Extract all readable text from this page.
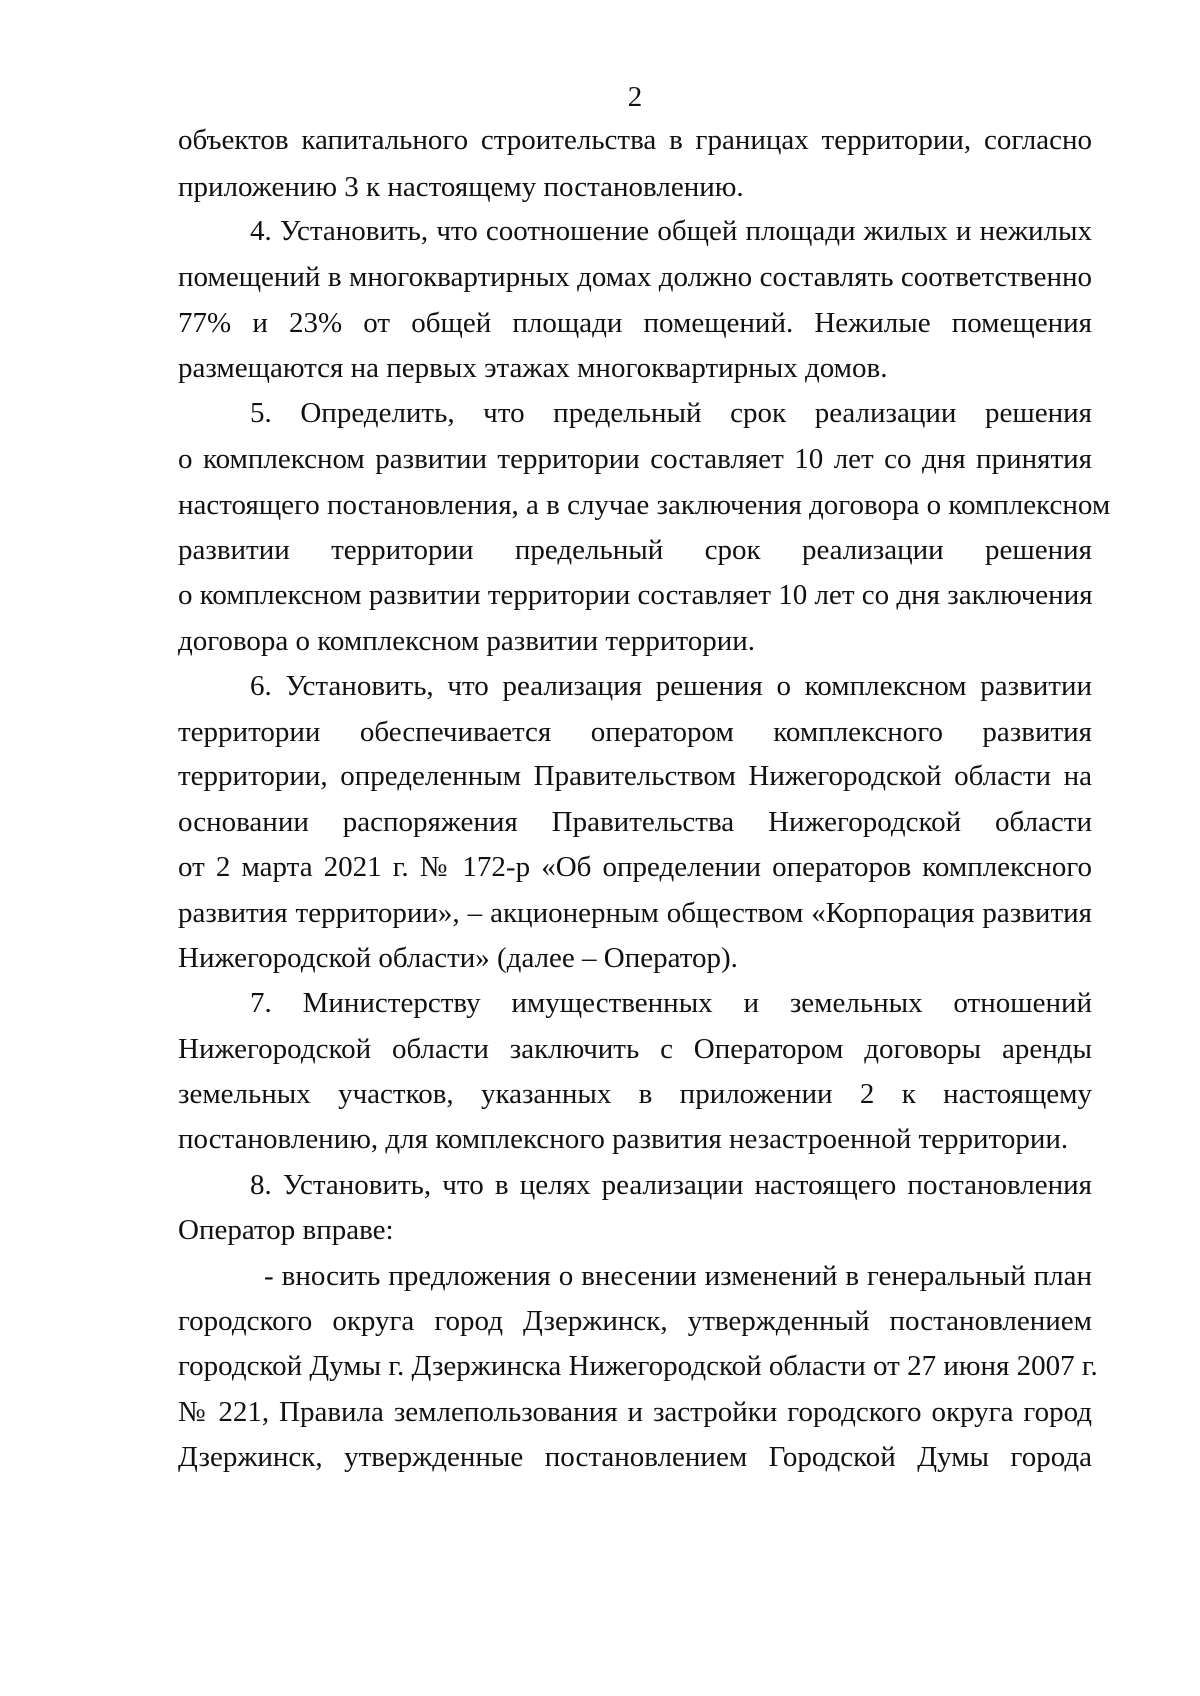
2
объектов капитального строительства в границах территории, согласно
приложению 3 к настоящему постановлению.
4. Установить, что соотношение общей площади жилых и нежилых
помещений в многоквартирных домах должно составлять соответственно
77% и 23% от общей площади помещений. Нежилые помещения
размещаются на первых этажах многоквартирных домов.
5. Определить, что предельный срок реализации решения
о комплексном развитии территории составляет 10 лет со дня принятия
настоящего постановления, а в случае заключения договора о комплексном
развитии территории предельный срок реализации решения
о комплексном развитии территории составляет 10 лет со дня заключения
договора о комплексном развитии территории.
6. Установить, что реализация решения о комплексном развитии
территории обеспечивается оператором комплексного развития
территории, определенным Правительством Нижегородской области на
основании распоряжения Правительства Нижегородской области
от 2 марта 2021 г. № 172-р «Об определении операторов комплексного
развития территории», – акционерным обществом «Корпорация развития
Нижегородской области» (далее – Оператор).
7. Министерству имущественных и земельных отношений
Нижегородской области заключить с Оператором договоры аренды
земельных участков, указанных в приложении 2 к настоящему
постановлению, для комплексного развития незастроенной территории.
8. Установить, что в целях реализации настоящего постановления
Оператор вправе:
- вносить предложения о внесении изменений в генеральный план
городского округа город Дзержинск, утвержденный постановлением
городской Думы г. Дзержинска Нижегородской области от 27 июня 2007 г.
№ 221, Правила землепользования и застройки городского округа город
Дзержинск, утвержденные постановлением Городской Думы города
